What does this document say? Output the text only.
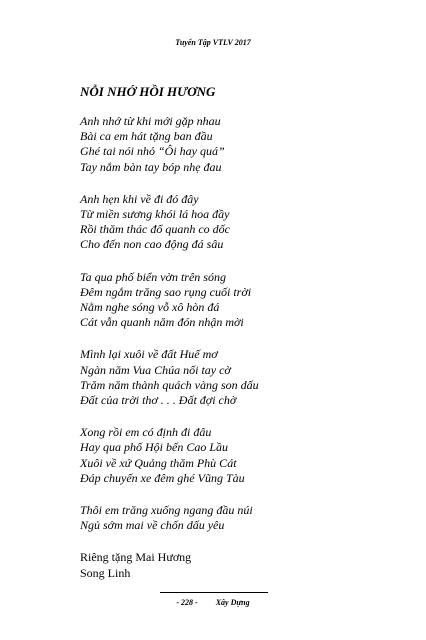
Tuyển Tập VTLV 2017
NỖI NHỚ HỒI HƯƠNG
Anh nhớ từ khi mới gặp nhau
Bài ca em hát tặng ban đầu
Ghé tai nói nhỏ “Ôi hay quá”
Tay nắm bàn tay bóp nhẹ đau
Anh hẹn khi về đi đó đây
Từ miền sương khói lá hoa đầy
Rồi thăm thác đổ quanh co dốc
Cho đến non cao động đá sâu
Ta qua phố biển vờn trên sóng
Đêm ngắm trăng sao rụng cuối trời
Nằm nghe sóng vỗ xô hòn đá
Cát vẫn quanh năm đón nhận mời
Mình lại xuôi về đất Huế mơ
Ngàn năm Vua Chúa nối tay cờ
Trăm năm thành quách vàng son dấu
Đất của trời thơ . . . Đất đợi chờ
Xong rồi em có định đi đâu
Hay qua phố Hội bến Cao Lầu
Xuôi về xứ Quảng thăm Phù Cát
Đáp chuyến xe đêm ghé Vũng Tàu
Thôi em trăng xuống ngang đầu núi
Ngủ sớm mai về chốn dấu yêu
Riêng tặng Mai Hương
Song Linh
- 228 - Xây Dựng
